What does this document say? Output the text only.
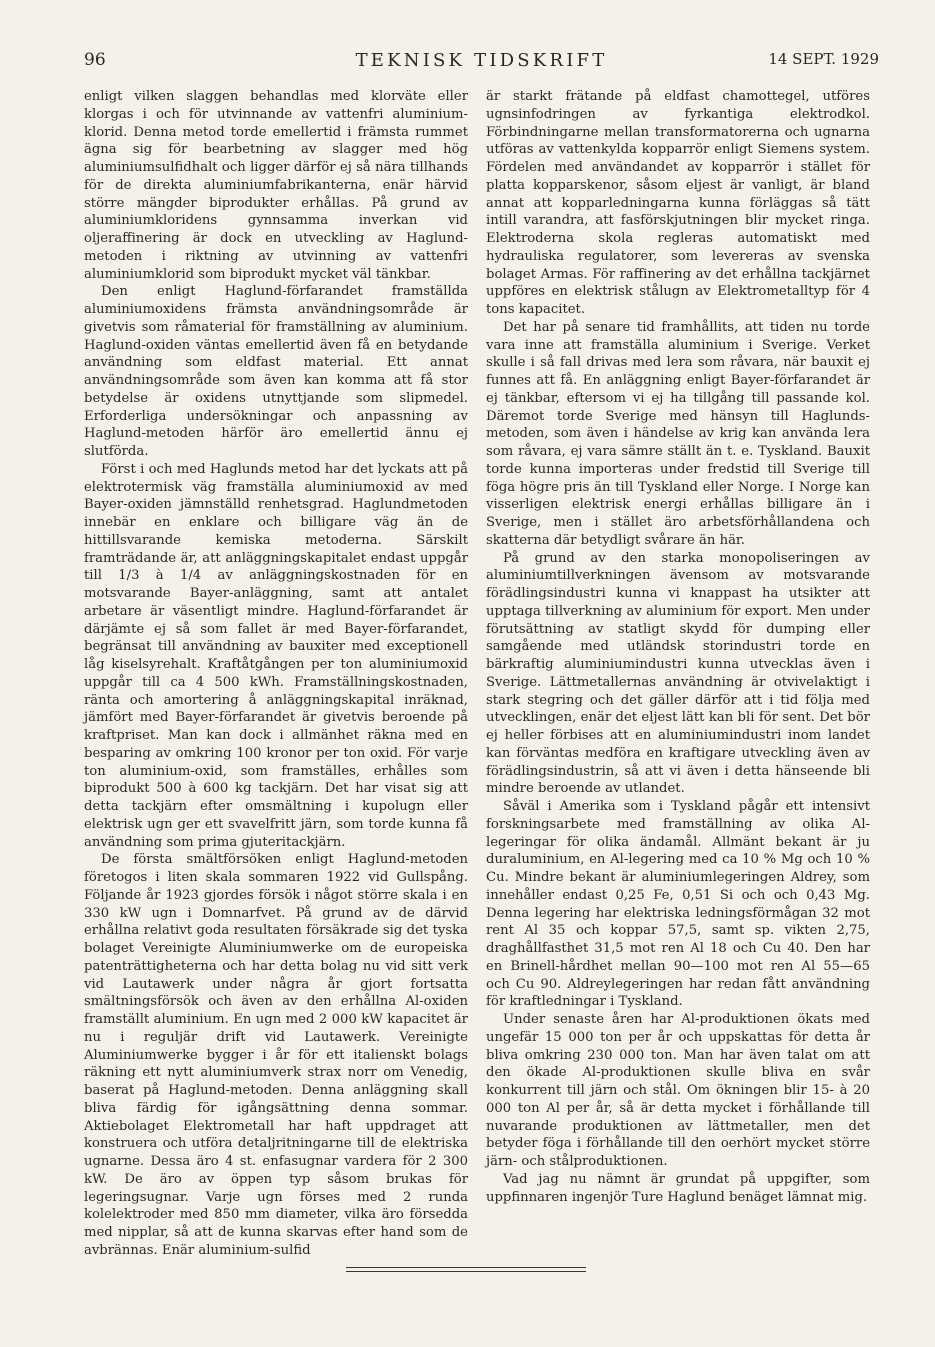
96	TEKNISK TIDSKRIFT	14 SEPT. 1929

enligt vilken slaggen behandlas med klorväte eller klorgas i och för utvinnande av vattenfri aluminium-klorid. Denna metod torde emellertid i främsta rummet ägna sig för bearbetning av slagger med hög aluminiumsulfidhalt och ligger därför ej så nära tillhands för de direkta aluminiumfabrikanterna, enär härvid större mängder biprodukter erhållas. På grund av aluminiumkloridens gynnsamma inverkan vid oljeraffinering är dock en utveckling av Haglund-metoden i riktning av utvinning av vattenfri aluminiumklorid som biprodukt mycket väl tänkbar.

Den enligt Haglund-förfarandet framställda aluminiumoxidens främsta användningsområde är givetvis som råmaterial för framställning av aluminium. Haglund-oxiden väntas emellertid även få en betydande användning som eldfast material. Ett annat användningsområde som även kan komma att få stor betydelse är oxidens utnyttjande som slipmedel. Erforderliga undersökningar och anpassning av Haglund-metoden härför äro emellertid ännu ej slutförda.

Först i och med Haglunds metod har det lyckats att på elektrotermisk väg framställa aluminiumoxid av med Bayer-oxiden jämnställd renhetsgrad. Haglundmetoden innebär en enklare och billigare väg än de hittillsvarande kemiska metoderna. Särskilt framträdande är, att anläggningskapitalet endast uppgår till 1/3 à 1/4 av anläggningskostnaden för en motsvarande Bayer-anläggning, samt att antalet arbetare är väsentligt mindre. Haglund-förfarandet är därjämte ej så som fallet är med Bayer-förfarandet, begränsat till användning av bauxiter med exceptionell låg kiselsyrehalt. Kraftåtgången per ton aluminiumoxid uppgår till ca 4 500 kWh. Framställningskostnaden, ränta och amortering å anläggningskapital inräknad, jämfört med Bayer-förfarandet är givetvis beroende på kraftpriset. Man kan dock i allmänhet räkna med en besparing av omkring 100 kronor per ton oxid. För varje ton aluminium-oxid, som framställes, erhålles som biprodukt 500 à 600 kg tackjärn. Det har visat sig att detta tackjärn efter omsmältning i kupolugn eller elektrisk ugn ger ett svavelfritt järn, som torde kunna få användning som prima gjuteritackjärn.

De första smältförsöken enligt Haglund-metoden företogos i liten skala sommaren 1922 vid Gullspång. Följande år 1923 gjordes försök i något större skala i en 330 kW ugn i Domnarfvet. På grund av de därvid erhållna relativt goda resultaten försäkrade sig det tyska bolaget Vereinigte Aluminiumwerke om de europeiska patenträttigheterna och har detta bolag nu vid sitt verk vid Lautawerk under några år gjort fortsatta smältningsförsök och även av den erhållna Al-oxiden framställt aluminium. En ugn med 2 000 kW kapacitet är nu i reguljär drift vid Lautawerk. Vereinigte Aluminiumwerke bygger i år för ett italienskt bolags räkning ett nytt aluminiumverk strax norr om Venedig, baserat på Haglund-metoden. Denna anläggning skall bliva färdig för igångsättning denna sommar. Aktiebolaget Elektrometall har haft uppdraget att konstruera och utföra detaljritningarne till de elektriska ugnarne. Dessa äro 4 st. enfasugnar vardera för 2 300 kW. De äro av öppen typ såsom brukas för legeringsugnar. Varje ugn förses med 2 runda kolelektroder med 850 mm diameter, vilka äro försedda med nipplar, så att de kunna skarvas efter hand som de avbrännas. Enär aluminium-sulfid

är starkt frätande på eldfast chamottegel, utföres ugnsinfodringen av fyrkantiga elektrodkol. Förbindningarne mellan transformatorerna och ugnarna utföras av vattenkylda kopparrör enligt Siemens system. Fördelen med användandet av kopparrör i stället för platta kopparskenor, såsom eljest är vanligt, är bland annat att kopparledningarna kunna förläggas så tätt intill varandra, att fasförskjutningen blir mycket ringa. Elektroderna skola regleras automatiskt med hydrauliska regulatorer, som levereras av svenska bolaget Armas. För raffinering av det erhållna tackjärnet uppföres en elektrisk stålugn av Elektrometalltyp för 4 tons kapacitet.

Det har på senare tid framhållits, att tiden nu torde vara inne att framställa aluminium i Sverige. Verket skulle i så fall drivas med lera som råvara, när bauxit ej funnes att få. En anläggning enligt Bayer-förfarandet är ej tänkbar, eftersom vi ej ha tillgång till passande kol. Däremot torde Sverige med hänsyn till Haglunds-metoden, som även i händelse av krig kan använda lera som råvara, ej vara sämre ställt än t. e. Tyskland. Bauxit torde kunna importeras under fredstid till Sverige till föga högre pris än till Tyskland eller Norge. I Norge kan visserligen elektrisk energi erhållas billigare än i Sverige, men i stället äro arbetsförhållandena och skatterna där betydligt svårare än här.

På grund av den starka monopoliseringen av aluminiumtillverkningen ävensom av motsvarande förädlingsindustri kunna vi knappast ha utsikter att upptaga tillverkning av aluminium för export. Men under förutsättning av statligt skydd för dumping eller samgående med utländsk storindustri torde en bärkraftig aluminiumindustri kunna utvecklas även i Sverige. Lättmetallernas användning är otvivelaktigt i stark stegring och det gäller därför att i tid följa med utvecklingen, enär det eljest lätt kan bli för sent. Det bör ej heller förbises att en aluminiumindustri inom landet kan förväntas medföra en kraftigare utveckling även av förädlingsindustrin, så att vi även i detta hänseende bli mindre beroende av utlandet.

Såväl i Amerika som i Tyskland pågår ett intensivt forskningsarbete med framställning av olika Al-legeringar för olika ändamål. Allmänt bekant är ju duraluminium, en Al-legering med ca 10 % Mg och 10 % Cu. Mindre bekant är aluminiumlegeringen Aldrey, som innehåller endast 0,25 Fe, 0,51 Si och och 0,43 Mg. Denna legering har elektriska ledningsförmågan 32 mot rent Al 35 och koppar 57,5, samt sp. vikten 2,75, draghållfasthet 31,5 mot ren Al 18 och Cu 40. Den har en Brinell-hårdhet mellan 90—100 mot ren Al 55—65 och Cu 90. Aldreylegeringen har redan fått användning för kraftledningar i Tyskland.

Under senaste åren har Al-produktionen ökats med ungefär 15 000 ton per år och uppskattas för detta år bliva omkring 230 000 ton. Man har även talat om att den ökade Al-produktionen skulle bliva en svår konkurrent till järn och stål. Om ökningen blir 15- à 20 000 ton Al per år, så är detta mycket i förhållande till nuvarande produktionen av lättmetaller, men det betyder föga i förhållande till den oerhört mycket större järn- och stålproduktionen.

Vad jag nu nämnt är grundat på uppgifter, som uppfinnaren ingenjör Ture Haglund benäget lämnat mig.
